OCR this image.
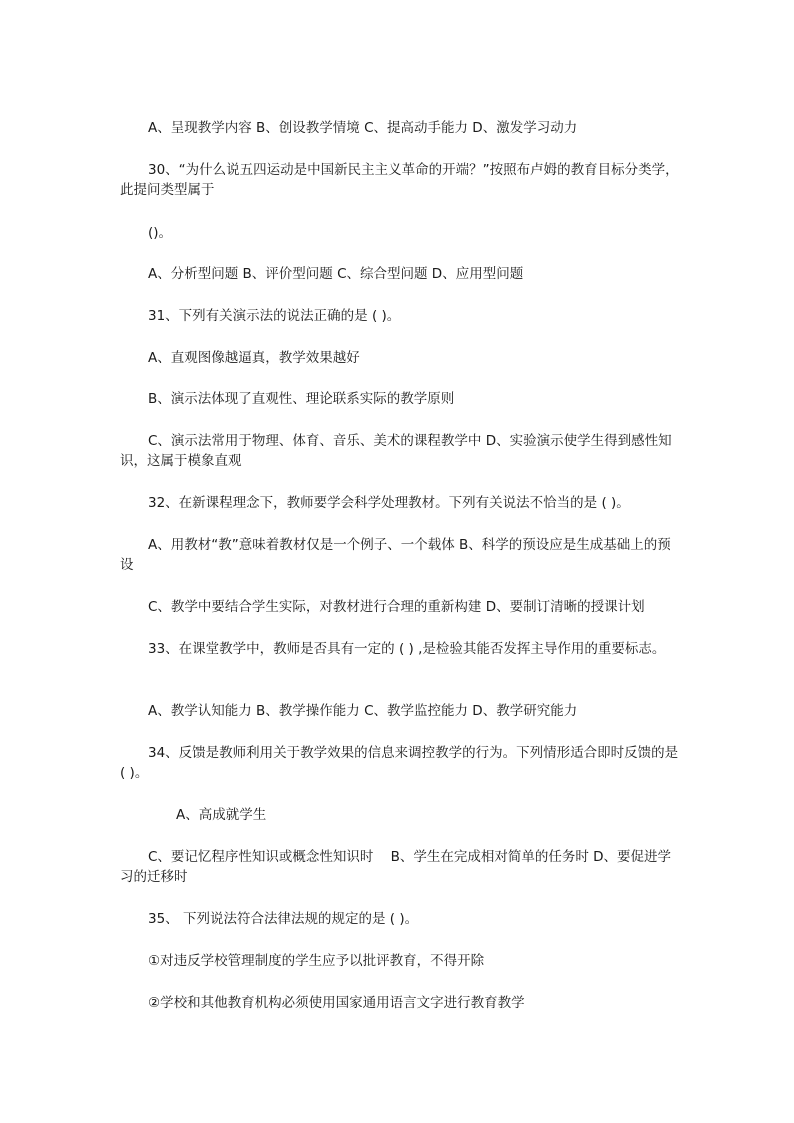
A、呈现教学内容 B、创设教学情境 C、提高动手能力 D、激发学习动力

30、“为什么说五四运动是中国新民主主义革命的开端？”按照布卢姆的教育目标分类学，此提问类型属于

()。

A、分析型问题 B、评价型问题 C、综合型问题 D、应用型问题

31、下列有关演示法的说法正确的是 ( )。

A、直观图像越逼真，教学效果越好

B、演示法体现了直观性、理论联系实际的教学原则

C、演示法常用于物理、体育、音乐、美术的课程教学中 D、实验演示使学生得到感性知识，这属于模象直观

32、在新课程理念下，教师要学会科学处理教材。下列有关说法不恰当的是 ( )。

A、用教材“教”意味着教材仅是一个例子、一个载体 B、科学的预设应是生成基础上的预设

C、教学中要结合学生实际，对教材进行合理的重新构建 D、要制订清晰的授课计划

33、在课堂教学中，教师是否具有一定的 ( ) ,是检验其能否发挥主导作用的重要标志。

A、教学认知能力 B、教学操作能力 C、教学监控能力 D、教学研究能力

34、反馈是教师利用关于教学效果的信息来调控教学的行为。下列情形适合即时反馈的是 ( )。

A、高成就学生

C、要记忆程序性知识或概念性知识时    B、学生在完成相对简单的任务时 D、要促进学习的迁移时

35、 下列说法符合法律法规的规定的是 ( )。

①对违反学校管理制度的学生应予以批评教育，不得开除

②学校和其他教育机构必须使用国家通用语言文字进行教育教学
